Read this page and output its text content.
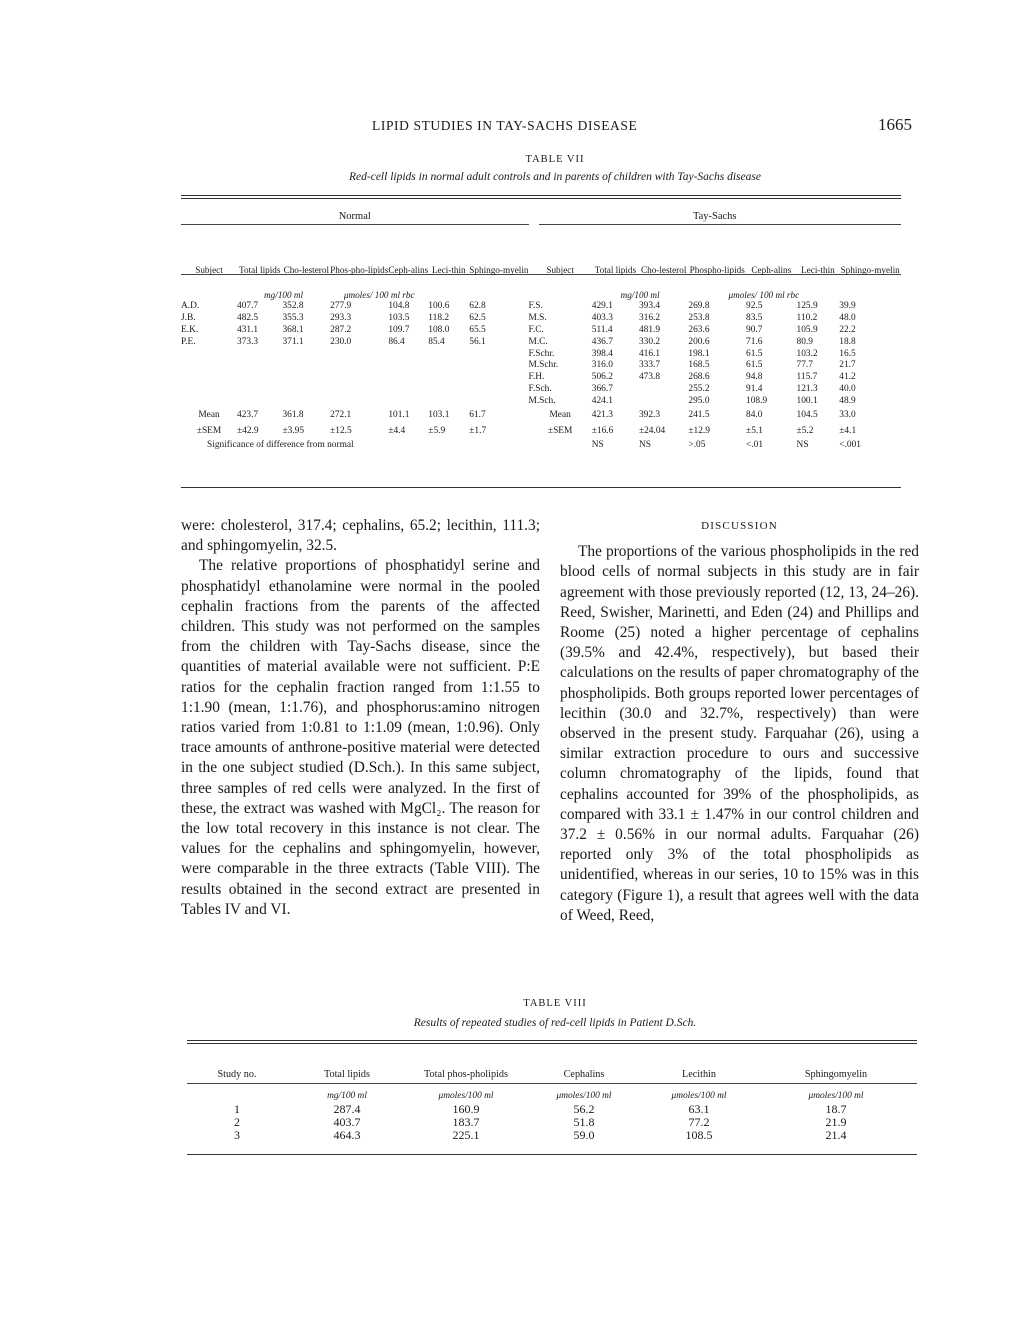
LIPID STUDIES IN TAY-SACHS DISEASE	1665
TABLE VII
Red-cell lipids in normal adult controls and in parents of children with Tay-Sachs disease
Normal							Tay-Sachs						
Subject	Total lipids	Cho-lesterol	Phos-pho-lipids	Ceph-alins	Leci-thin	Sphingo-myelin	Subject	Total lipids	Cho-lesterol	Phospho-lipids	Ceph-alins	Leci-thin	Sphingo-myelin
	mg/100 ml		μmoles/ 100 ml rbc					mg/100 ml		μmoles/ 100 ml rbc			
A.D.	407.7	352.8	277.9	104.8	100.6	62.8	F.S.	429.1	393.4	269.8	92.5	125.9	39.9
J.B.	482.5	355.3	293.3	103.5	118.2	62.5	M.S.	403.3	316.2	253.8	83.5	110.2	48.0
E.K.	431.1	368.1	287.2	109.7	108.0	65.5	F.C.	511.4	481.9	263.6	90.7	105.9	22.2
P.E.	373.3	371.1	230.0	86.4	85.4	56.1	M.C.	436.7	330.2	200.6	71.6	80.9	18.8
							F.Schr.	398.4	416.1	198.1	61.5	103.2	16.5
							M.Schr.	316.0	333.7	168.5	61.5	77.7	21.7
							F.H.	506.2	473.8	268.6	94.8	115.7	41.2
							F.Sch.	366.7		255.2	91.4	121.3	40.0
							M.Sch.	424.1		295.0	108.9	100.1	48.9
Mean	423.7	361.8	272.1	101.1	103.1	61.7	Mean	421.3	392.3	241.5	84.0	104.5	33.0
±SEM	±42.9	±3.95	±12.5	±4.4	±5.9	±1.7	±SEM	±16.6	±24.04	±12.9	±5.1	±5.2	±4.1
Significance of difference from normal								NS	NS	>.05	<.01	NS	<.001

were: cholesterol, 317.4; cephalins, 65.2; lecithin, 111.3; and sphingomyelin, 32.5.

The relative proportions of phosphatidyl serine and phosphatidyl ethanolamine were normal in the pooled cephalin fractions from the parents of the affected children. This study was not performed on the samples from the children with Tay-Sachs disease, since the quantities of material available were not sufficient. P:E ratios for the cephalin fraction ranged from 1:1.55 to 1:1.90 (mean, 1:1.76), and phosphorus:amino nitrogen ratios varied from 1:0.81 to 1:1.09 (mean, 1:0.96). Only trace amounts of anthrone-positive material were detected in the one subject studied (D.Sch.). In this same subject, three samples of red cells were analyzed. In the first of these, the extract was washed with MgCl₂. The reason for the low total recovery in this instance is not clear. The values for the cephalins and sphingomyelin, however, were comparable in the three extracts (Table VIII). The results obtained in the second extract are presented in Tables IV and VI.

DISCUSSION

The proportions of the various phospholipids in the red blood cells of normal subjects in this study are in fair agreement with those previously reported (12, 13, 24–26). Reed, Swisher, Marinetti, and Eden (24) and Phillips and Roome (25) noted a higher percentage of cephalins (39.5% and 42.4%, respectively), but based their calculations on the results of paper chromatography of the phospholipids. Both groups reported lower percentages of lecithin (30.0 and 32.7%, respectively) than were observed in the present study. Farquahar (26), using a similar extraction procedure to ours and successive column chromatography of the lipids, found that cephalins accounted for 39% of the phospholipids, as compared with 33.1 ± 1.47% in our control children and 37.2 ± 0.56% in our normal adults. Farquahar (26) reported only 3% of the total phospholipids as unidentified, whereas in our series, 10 to 15% was in this category (Figure 1), a result that agrees well with the data of Weed, Reed,

TABLE VIII
Results of repeated studies of red-cell lipids in Patient D.Sch.
Study no.	Total lipids	Total phos-pholipids	Cephalins	Lecithin	Sphingomyelin
	mg/100 ml	μmoles/100 ml	μmoles/100 ml	μmoles/100 ml	μmoles/100 ml
1	287.4	160.9	56.2	63.1	18.7
2	403.7	183.7	51.8	77.2	21.9
3	464.3	225.1	59.0	108.5	21.4
